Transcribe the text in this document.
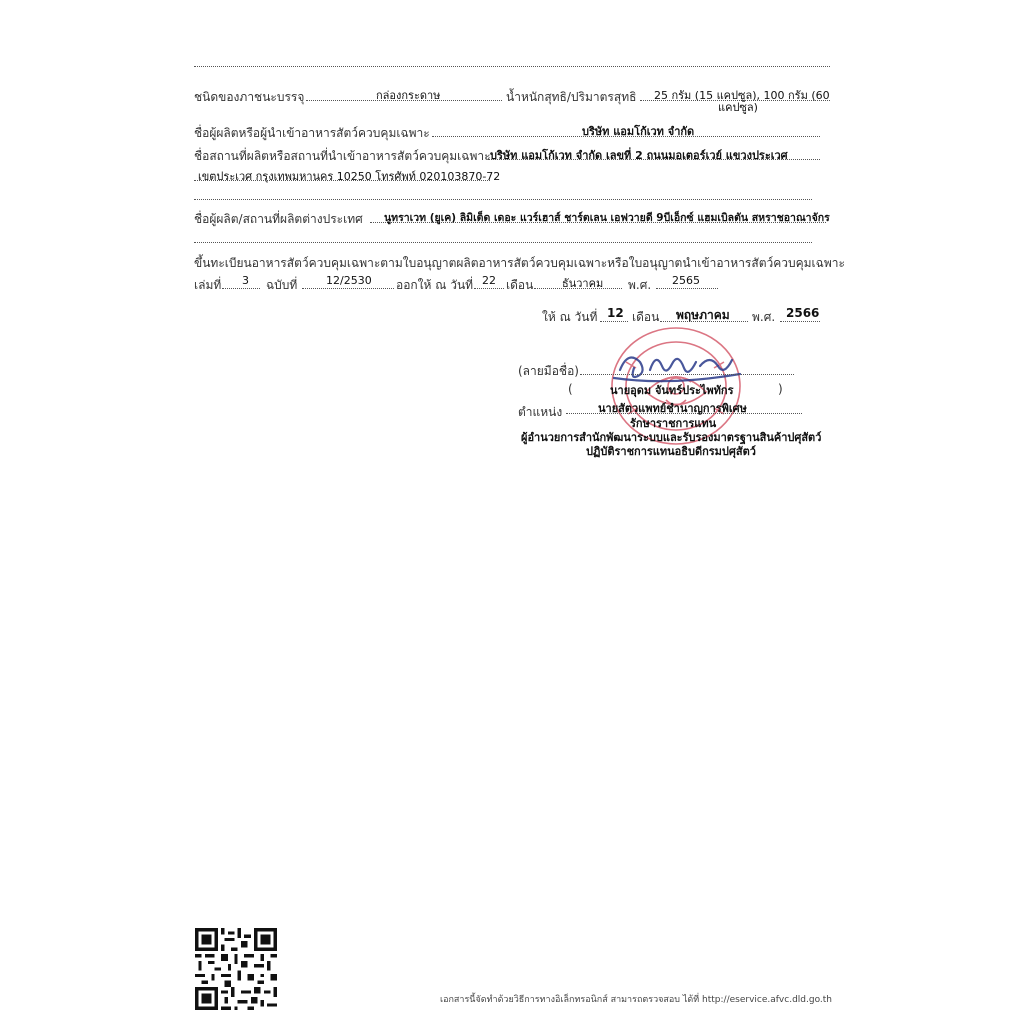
ชนิดของภาชนะบรรจุ	กล่องกระดาษ	น้ำหนักสุทธิ/ปริมาตรสุทธิ 25 กรัม (15 แคปซูล), 100 กรัม (60
แคปซูล)
ชื่อผู้ผลิตหรือผู้นำเข้าอาหารสัตว์ควบคุมเฉพาะ	บริษัท แอมโก้เวท จำกัด
ชื่อสถานที่ผลิตหรือสถานที่นำเข้าอาหารสัตว์ควบคุมเฉพาะ บริษัท แอมโก้เวท จำกัด เลขที่ 2 ถนนมอเตอร์เวย์ แขวงประเวศ
เขตประเวศ กรุงเทพมหานคร 10250 โทรศัพท์ 020103870-72
ชื่อผู้ผลิต/สถานที่ผลิตต่างประเทศ นูทราเวท (ยูเค) ลิมิเต็ด เดอะ แวร์เฮาส์ ชาร์ตเลน เอฟวายดี 9บีเอ็กซ์ แฮมเบิลตัน สหราชอาณาจักร
ขึ้นทะเบียนอาหารสัตว์ควบคุมเฉพาะตามใบอนุญาตผลิตอาหารสัตว์ควบคุมเฉพาะหรือใบอนุญาตนำเข้าอาหารสัตว์ควบคุมเฉพาะ
เล่มที่ 3 ฉบับที่	12/2530 ออกให้ ณ วันที่ 22 เดือน	ธันวาคม พ.ศ. 2565
ให้ ณ วันที่ 12 เดือน พฤษภาคม พ.ศ. 2566
(ลายมือชื่อ)
(	นายอุดม จันทร์ประไพทักร	)
ตำแหน่ง	นายสัตวแพทย์ชำนาญการพิเศษ
รักษาราชการแทน
ผู้อำนวยการสำนักพัฒนาระบบและรับรองมาตรฐานสินค้าปศุสัตว์
ปฏิบัติราชการแทนอธิบดีกรมปศุสัตว์
เอกสารนี้จัดทำด้วยวิธีการทางอิเล็กทรอนิกส์ สามารถตรวจสอบ ได้ที่ http://eservice.afvc.dld.go.th
